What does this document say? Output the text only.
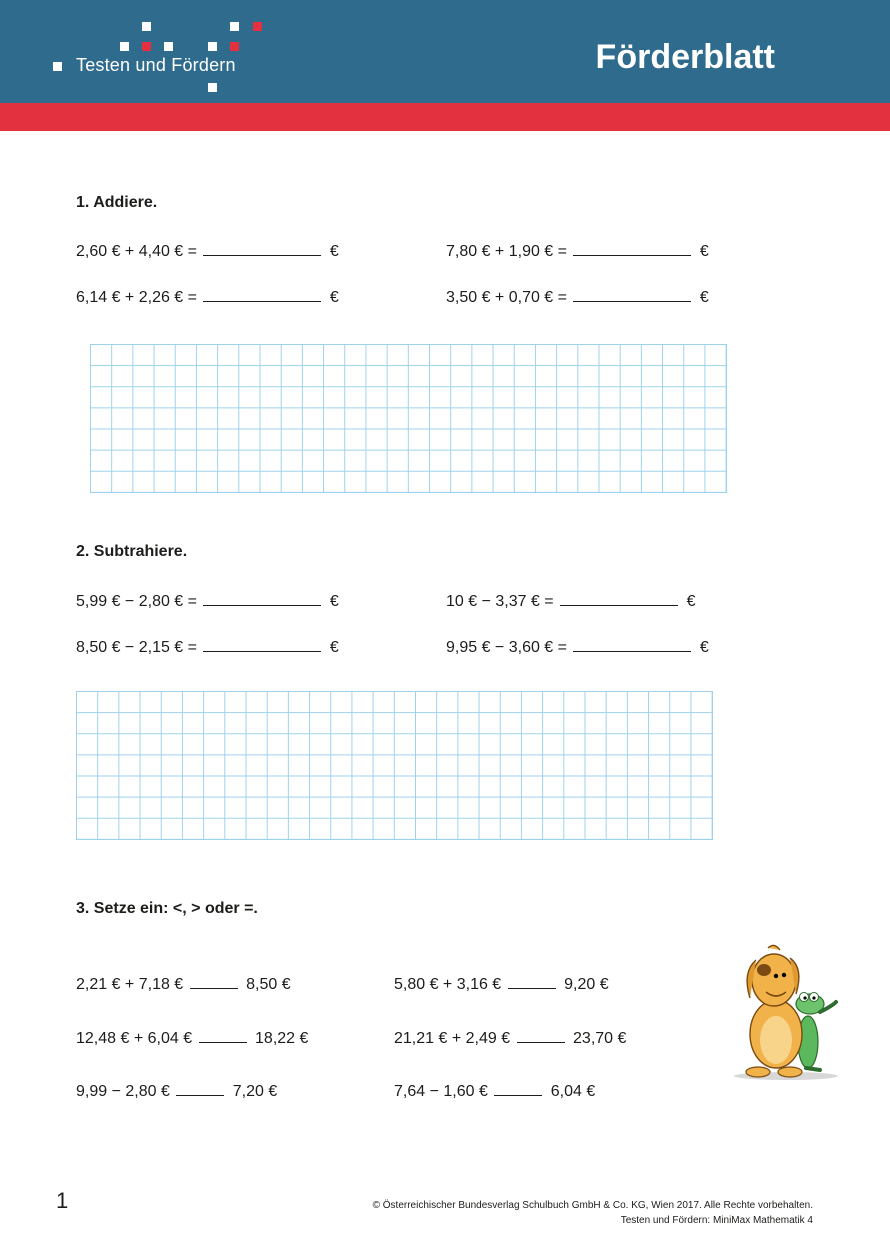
Testen und Fördern	Förderblatt
Rechnen mit Größen	Kommazahlen
1. Addiere.
2,60 € + 4,40 € =	€	7,80 € + 1,90 € =	€
6,14 € + 2,26 € =	€	3,50 € + 0,70 € =	€
2. Subtrahiere.
5,99 € − 2,80 € =	€	10 € − 3,37 € =	€
8,50 € − 2,15 € =	€	9,95 € − 3,60 € =	€
3. Setze ein: <, > oder =.
2,21 € + 7,18 €	8,50 €	5,80 € + 3,16 €	9,20 €
12,48 € + 6,04 €	18,22 €	21,21 € + 2,49 €	23,70 €
9,99 − 2,80 €	7,20 €	7,64 − 1,60 €	6,04 €
1	© Österreichischer Bundesverlag Schulbuch GmbH & Co. KG, Wien 2017. Alle Rechte vorbehalten.
Testen und Fördern: MiniMax Mathematik 4
